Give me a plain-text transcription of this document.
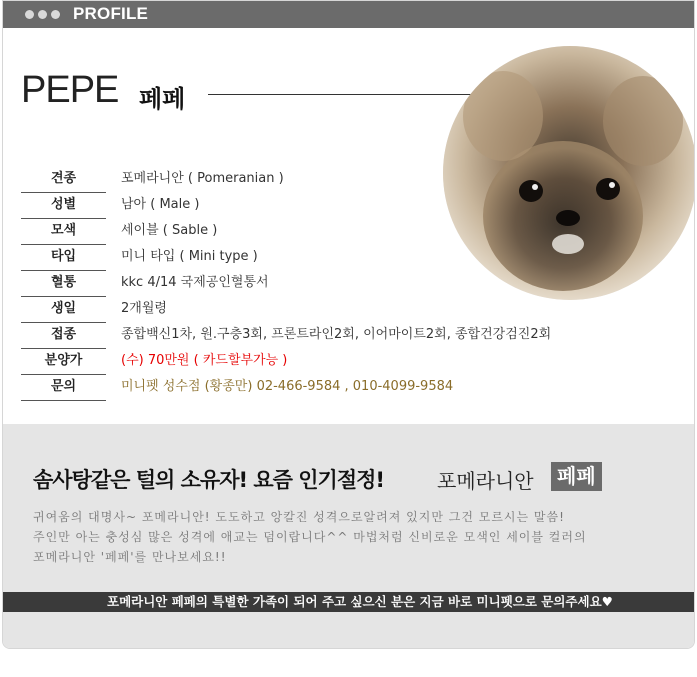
PROFILE
PEPE 페페
견종	포메라니안 ( Pomeranian )
성별	남아 ( Male )
모색	세이블 ( Sable )
타입	미니 타입 ( Mini type )
혈통	kkc 4/14 국제공인혈통서
생일	2개월령
접종	종합백신1차, 원.구충3회, 프론트라인2회, 이어마이트2회, 종합건강검진2회
분양가	(수) 70만원 ( 카드할부가능 )
문의	미니펫 성수점 (황종만) 02-466-9584 , 010-4099-9584
솜사탕같은 털의 소유자! 요즘 인기절정!	포메라니안	페페
귀여움의 대명사~ 포메라니안! 도도하고 앙칼진 성격으로알려져 있지만 그건 모르시는 말씀!
주인만 아는 충성심 많은 성격에 애교는 덤이랍니다^^ 마법처럼 신비로운 모색인 세이블 컬러의
포메라니안 '페페'를 만나보세요!!
포메라니안 페페의 특별한 가족이 되어 주고 싶으신 분은 지금 바로 미니펫으로 문의주세요♥
